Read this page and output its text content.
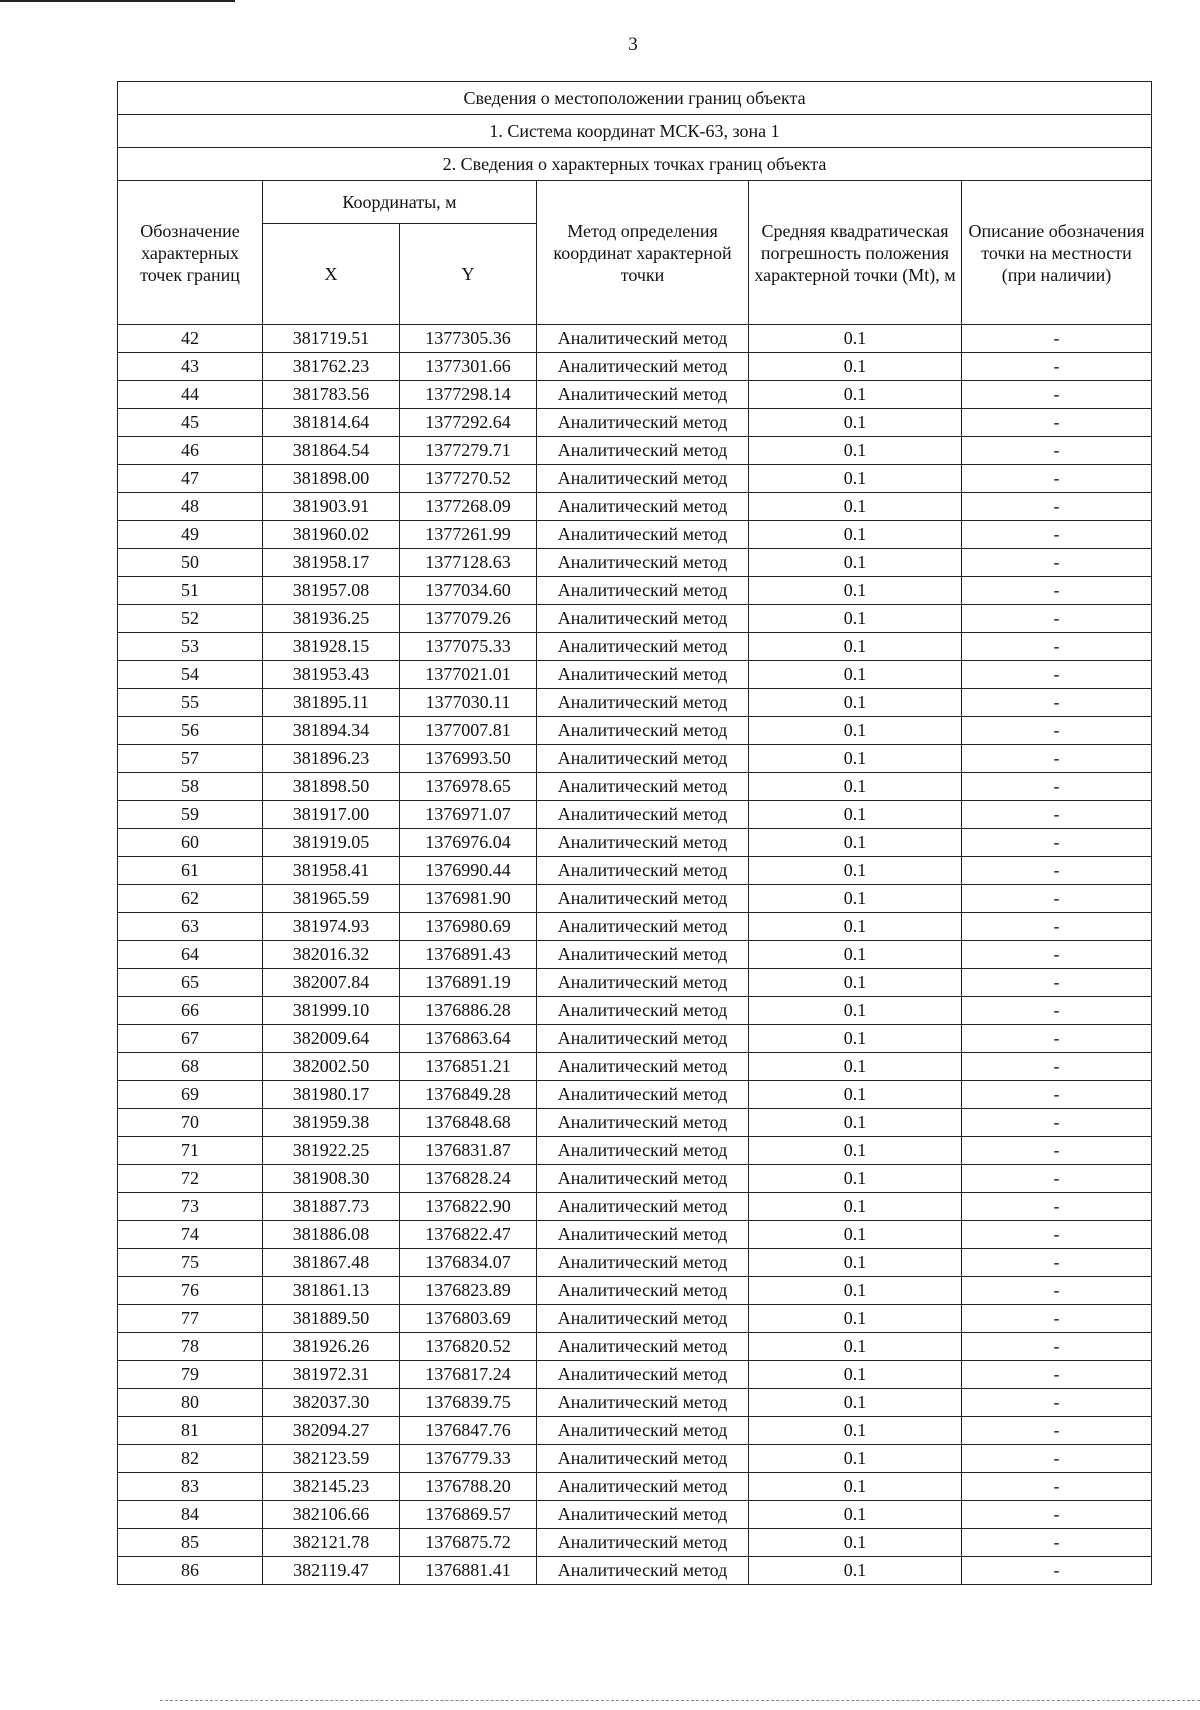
3
Сведения о местоположении границ объекта					
1. Система координат МСК-63, зона 1					
2. Сведения о характерных точках границ объекта					
Обозначение характерных точек границ	Координаты, м		Метод определения координат характерной точки	Средняя квадратическая погрешность положения характерной точки (Mt), м	Описание обозначения точки на местности (при наличии)
	X	Y			
42	381719.51	1377305.36	Аналитический метод	0.1	-
43	381762.23	1377301.66	Аналитический метод	0.1	-
44	381783.56	1377298.14	Аналитический метод	0.1	-
45	381814.64	1377292.64	Аналитический метод	0.1	-
46	381864.54	1377279.71	Аналитический метод	0.1	-
47	381898.00	1377270.52	Аналитический метод	0.1	-
48	381903.91	1377268.09	Аналитический метод	0.1	-
49	381960.02	1377261.99	Аналитический метод	0.1	-
50	381958.17	1377128.63	Аналитический метод	0.1	-
51	381957.08	1377034.60	Аналитический метод	0.1	-
52	381936.25	1377079.26	Аналитический метод	0.1	-
53	381928.15	1377075.33	Аналитический метод	0.1	-
54	381953.43	1377021.01	Аналитический метод	0.1	-
55	381895.11	1377030.11	Аналитический метод	0.1	-
56	381894.34	1377007.81	Аналитический метод	0.1	-
57	381896.23	1376993.50	Аналитический метод	0.1	-
58	381898.50	1376978.65	Аналитический метод	0.1	-
59	381917.00	1376971.07	Аналитический метод	0.1	-
60	381919.05	1376976.04	Аналитический метод	0.1	-
61	381958.41	1376990.44	Аналитический метод	0.1	-
62	381965.59	1376981.90	Аналитический метод	0.1	-
63	381974.93	1376980.69	Аналитический метод	0.1	-
64	382016.32	1376891.43	Аналитический метод	0.1	-
65	382007.84	1376891.19	Аналитический метод	0.1	-
66	381999.10	1376886.28	Аналитический метод	0.1	-
67	382009.64	1376863.64	Аналитический метод	0.1	-
68	382002.50	1376851.21	Аналитический метод	0.1	-
69	381980.17	1376849.28	Аналитический метод	0.1	-
70	381959.38	1376848.68	Аналитический метод	0.1	-
71	381922.25	1376831.87	Аналитический метод	0.1	-
72	381908.30	1376828.24	Аналитический метод	0.1	-
73	381887.73	1376822.90	Аналитический метод	0.1	-
74	381886.08	1376822.47	Аналитический метод	0.1	-
75	381867.48	1376834.07	Аналитический метод	0.1	-
76	381861.13	1376823.89	Аналитический метод	0.1	-
77	381889.50	1376803.69	Аналитический метод	0.1	-
78	381926.26	1376820.52	Аналитический метод	0.1	-
79	381972.31	1376817.24	Аналитический метод	0.1	-
80	382037.30	1376839.75	Аналитический метод	0.1	-
81	382094.27	1376847.76	Аналитический метод	0.1	-
82	382123.59	1376779.33	Аналитический метод	0.1	-
83	382145.23	1376788.20	Аналитический метод	0.1	-
84	382106.66	1376869.57	Аналитический метод	0.1	-
85	382121.78	1376875.72	Аналитический метод	0.1	-
86	382119.47	1376881.41	Аналитический метод	0.1	-
